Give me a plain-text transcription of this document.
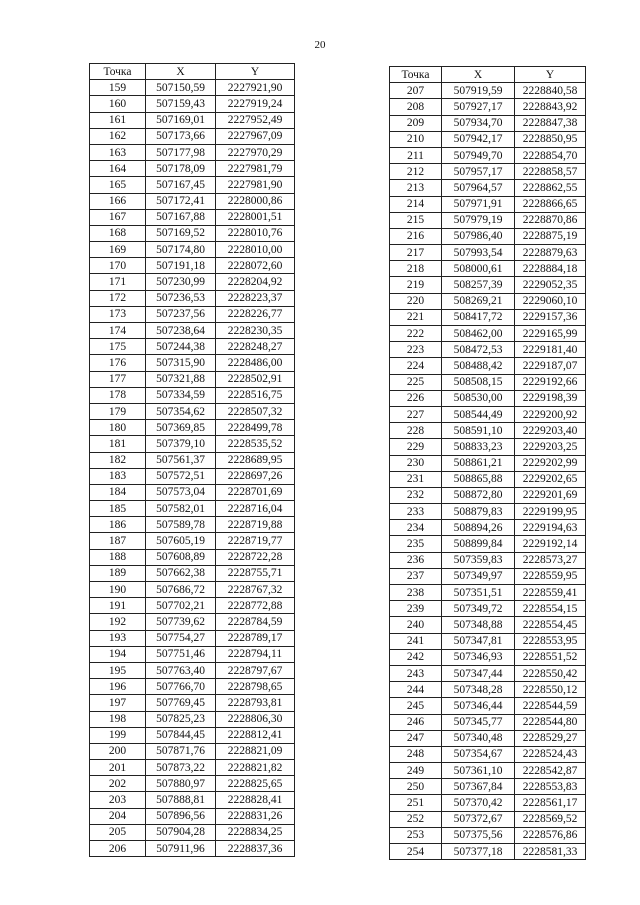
20
Точка	X	Y
159	507150,59	2227921,90
160	507159,43	2227919,24
161	507169,01	2227952,49
162	507173,66	2227967,09
163	507177,98	2227970,29
164	507178,09	2227981,79
165	507167,45	2227981,90
166	507172,41	2228000,86
167	507167,88	2228001,51
168	507169,52	2228010,76
169	507174,80	2228010,00
170	507191,18	2228072,60
171	507230,99	2228204,92
172	507236,53	2228223,37
173	507237,56	2228226,77
174	507238,64	2228230,35
175	507244,38	2228248,27
176	507315,90	2228486,00
177	507321,88	2228502,91
178	507334,59	2228516,75
179	507354,62	2228507,32
180	507369,85	2228499,78
181	507379,10	2228535,52
182	507561,37	2228689,95
183	507572,51	2228697,26
184	507573,04	2228701,69
185	507582,01	2228716,04
186	507589,78	2228719,88
187	507605,19	2228719,77
188	507608,89	2228722,28
189	507662,38	2228755,71
190	507686,72	2228767,32
191	507702,21	2228772,88
192	507739,62	2228784,59
193	507754,27	2228789,17
194	507751,46	2228794,11
195	507763,40	2228797,67
196	507766,70	2228798,65
197	507769,45	2228793,81
198	507825,23	2228806,30
199	507844,45	2228812,41
200	507871,76	2228821,09
201	507873,22	2228821,82
202	507880,97	2228825,65
203	507888,81	2228828,41
204	507896,56	2228831,26
205	507904,28	2228834,25
206	507911,96	2228837,36
Точка	X	Y
207	507919,59	2228840,58
208	507927,17	2228843,92
209	507934,70	2228847,38
210	507942,17	2228850,95
211	507949,70	2228854,70
212	507957,17	2228858,57
213	507964,57	2228862,55
214	507971,91	2228866,65
215	507979,19	2228870,86
216	507986,40	2228875,19
217	507993,54	2228879,63
218	508000,61	2228884,18
219	508257,39	2229052,35
220	508269,21	2229060,10
221	508417,72	2229157,36
222	508462,00	2229165,99
223	508472,53	2229181,40
224	508488,42	2229187,07
225	508508,15	2229192,66
226	508530,00	2229198,39
227	508544,49	2229200,92
228	508591,10	2229203,40
229	508833,23	2229203,25
230	508861,21	2229202,99
231	508865,88	2229202,65
232	508872,80	2229201,69
233	508879,83	2229199,95
234	508894,26	2229194,63
235	508899,84	2229192,14
236	507359,83	2228573,27
237	507349,97	2228559,95
238	507351,51	2228559,41
239	507349,72	2228554,15
240	507348,88	2228554,45
241	507347,81	2228553,95
242	507346,93	2228551,52
243	507347,44	2228550,42
244	507348,28	2228550,12
245	507346,44	2228544,59
246	507345,77	2228544,80
247	507340,48	2228529,27
248	507354,67	2228524,43
249	507361,10	2228542,87
250	507367,84	2228553,83
251	507370,42	2228561,17
252	507372,67	2228569,52
253	507375,56	2228576,86
254	507377,18	2228581,33
